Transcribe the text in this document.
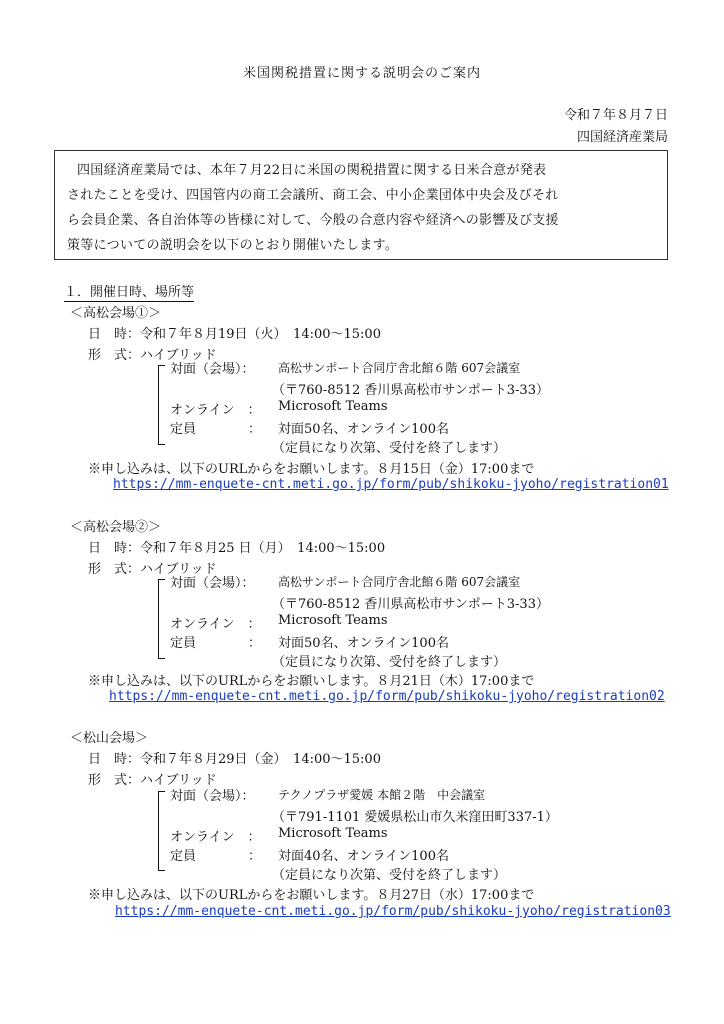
米国関税措置に関する説明会のご案内
令和７年８月７日
四国経済産業局
四国経済産業局では、本年７月22日に米国の関税措置に関する日米合意が発表
されたことを受け、四国管内の商工会議所、商工会、中小企業団体中央会及びそれ
ら会員企業、各自治体等の皆様に対して、今般の合意内容や経済への影響及び支援
策等についての説明会を以下のとおり開催いたします。
１．開催日時、場所等
＜高松会場①＞
日　時：令和７年８月19日（火）　14:00～15:00
形　式：ハイブリッド
対面（会場）： 高松サンポート合同庁舎北館６階 607会議室
（〒760-8512 香川県高松市サンポート3-33）
オンライン　： Microsoft Teams
定員　　　　： 対面50名、オンライン100名
（定員になり次第、受付を終了します）
※申し込みは、以下のURLからをお願いします。８月15日（金）17:00まで
https://mm-enquete-cnt.meti.go.jp/form/pub/shikoku-jyoho/registration01
＜高松会場②＞
日　時：令和７年８月25 日（月）　14:00～15:00
形　式：ハイブリッド
対面（会場）： 高松サンポート合同庁舎北館６階 607会議室
（〒760-8512 香川県高松市サンポート3-33）
オンライン　： Microsoft Teams
定員　　　　： 対面50名、オンライン100名
（定員になり次第、受付を終了します）
※申し込みは、以下のURLからをお願いします。８月21日（木）17:00まで
https://mm-enquete-cnt.meti.go.jp/form/pub/shikoku-jyoho/registration02
＜松山会場＞
日　時：令和７年８月29日（金）　14:00～15:00
形　式：ハイブリッド
対面（会場）： テクノプラザ愛媛 本館２階　中会議室
（〒791-1101 愛媛県松山市久米窪田町337-1）
オンライン　： Microsoft Teams
定員　　　　： 対面40名、オンライン100名
（定員になり次第、受付を終了します）
※申し込みは、以下のURLからをお願いします。８月27日（水）17:00まで
https://mm-enquete-cnt.meti.go.jp/form/pub/shikoku-jyoho/registration03
